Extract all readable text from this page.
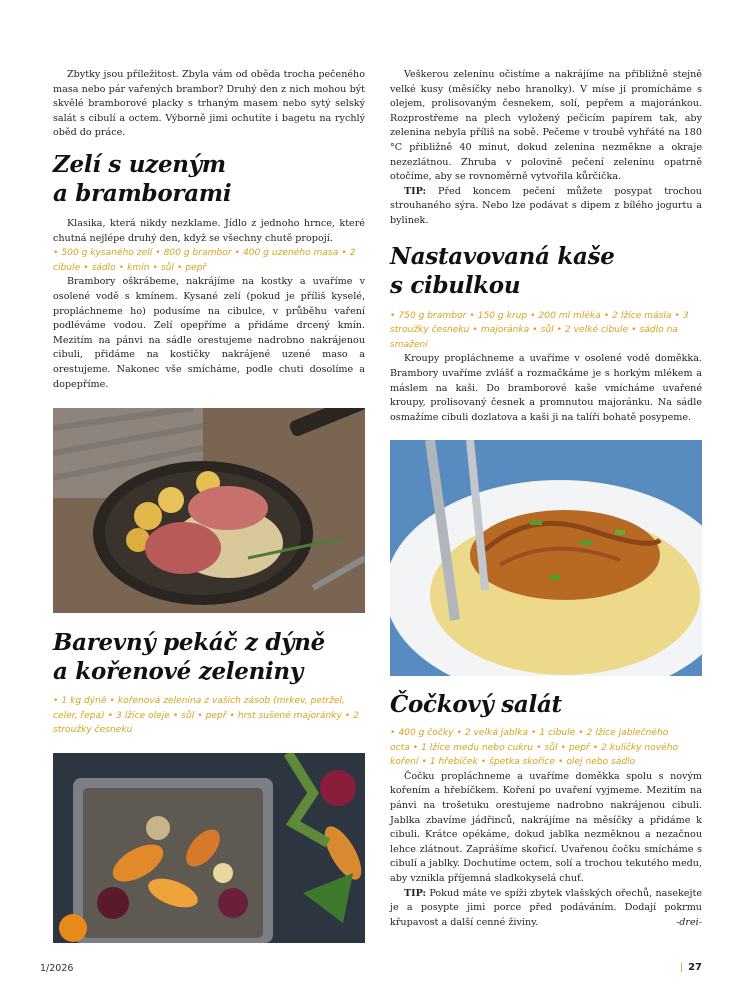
Zbytky jsou příležitost. Zbyla vám od oběda trocha pečeného masa nebo pár vařených brambor? Druhý den z nich mohou být skvělé bramborové placky s trhaným masem nebo sytý selský salát s cibulí a octem. Výborně jimi ochutíte i bagetu na rychlý oběd do práce.

Zelí s uzeným
a bramborami

Klasika, která nikdy nezklame. Jídlo z jednoho hrnce, které chutná nejlépe druhý den, když se všechny chutě propojí.

• 500 g kysaného zelí • 800 g brambor • 400 g uzeného masa • 2 cibule • sádlo • kmín • sůl • pepř

Brambory oškrábeme, nakrájíme na kostky a uvaříme v osolené vodě s kmínem. Kysané zelí (pokud je příliš kyselé, propláchneme ho) podusíme na cibulce, v průběhu vaření podléváme vodou. Zelí opepříme a přidáme drcený kmín. Mezitím na pánvi na sádle orestujeme nadrobno nakrájenou cibuli, přidáme na kostičky nakrájené uzené maso a orestujeme. Nakonec vše smícháme, podle chuti dosolíme a dopepříme.

Barevný pekáč z dýně
a kořenové zeleniny

• 1 kg dýně • kořenová zelenina z vašich zásob (mrkev, petržel, celer, řepa) • 3 lžíce oleje • sůl • pepř • hrst sušené majoránky • 2 stroužky česneku

Veškerou zeleninu očistíme a nakrájíme na přibližně stejně velké kusy (měsíčky nebo hranolky). V míse ji promícháme s olejem, prolisovaným česnekem, solí, pepřem a majoránkou. Rozprostřeme na plech vyložený pečicím papírem tak, aby zelenina nebyla příliš na sobě. Pečeme v troubě vyhřáté na 180 °C přibližně 40 minut, dokud zelenina nezměkne a okraje nezezlátnou. Zhruba v polovině pečení zeleninu opatrně otočíme, aby se rovnoměrně vytvořila kůrčička.

TIP: Před koncem pečení můžete posypat trochou strouhaného sýra. Nebo lze podávat s dipem z bílého jogurtu a bylinek.

Nastavovaná kaše
s cibulkou

• 750 g brambor • 150 g krup • 200 ml mléka • 2 lžíce másla • 3 stroužky česneku • majoránka • sůl • 2 velké cibule • sádlo na smažení

Kroupy propláchneme a uvaříme v osolené vodě doměkka. Brambory uvaříme zvlášť a rozmačkáme je s horkým mlékem a máslem na kaši. Do bramborové kaše vmícháme uvařené kroupy, prolisovaný česnek a promnutou majoránku. Na sádle osmažíme cibuli dozlatova a kaši ji na talíři bohatě posypeme.

Čočkový salát

• 400 g čočky • 2 velká jablka • 1 cibule • 2 lžíce jablečného octa • 1 lžíce medu nebo cukru • sůl • pepř • 2 kuličky nového koření • 1 hřebíček • špetka skořice • olej nebo sádlo

Čočku propláchneme a uvaříme doměkka spolu s novým kořením a hřebíčkem. Koření po uvaření vyjmeme. Mezitím na pánvi na trošetuku orestujeme nadrobno nakrájenou cibuli. Jablka zbavíme jádřinců, nakrájíme na měsíčky a přidáme k cibuli. Krátce opékáme, dokud jablka nezměknou a nezačnou lehce zlátnout. Zaprášíme skořicí. Uvařenou čočku smícháme s cibulí a jablky. Dochutíme octem, solí a trochou tekutého medu, aby vznikla příjemná sladkokyselá chuť.

TIP: Pokud máte ve spíži zbytek vlašských ořechů, nasekejte je a posypte jimi porce před podáváním. Dodají pokrmu křupavost a další cenné živiny.	-drei-

1/2026	| 27
